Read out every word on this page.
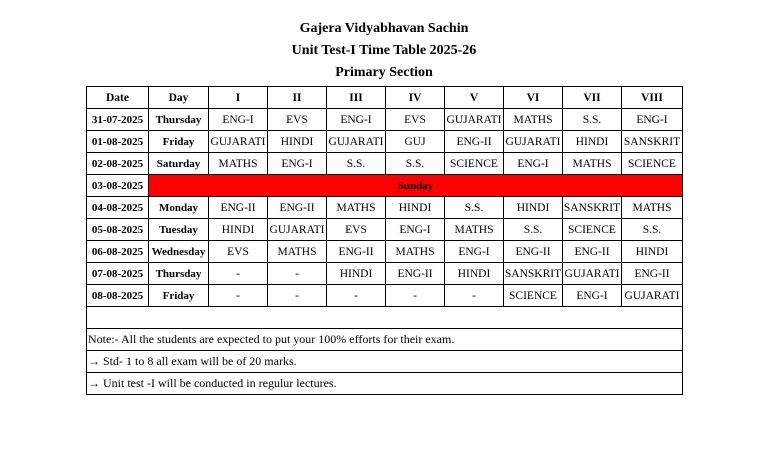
Gajera Vidyabhavan Sachin
Unit Test-I Time Table 2025-26
Primary Section
Date	Day	I	II	III	IV	V	VI	VII	VIII
31-07-2025	Thursday	ENG-I	EVS	ENG-I	EVS	GUJARATI	MATHS	S.S.	ENG-I
01-08-2025	Friday	GUJARATI	HINDI	GUJARATI	GUJ	ENG-II	GUJARATI	HINDI	SANSKRIT
02-08-2025	Saturday	MATHS	ENG-I	S.S.	S.S.	SCIENCE	ENG-I	MATHS	SCIENCE
03-08-2025	Sunday								
04-08-2025	Monday	ENG-II	ENG-II	MATHS	HINDI	S.S.	HINDI	SANSKRIT	MATHS
05-08-2025	Tuesday	HINDI	GUJARATI	EVS	ENG-I	MATHS	S.S.	SCIENCE	S.S.
06-08-2025	Wednesday	EVS	MATHS	ENG-II	MATHS	ENG-I	ENG-II	ENG-II	HINDI
07-08-2025	Thursday	-	-	HINDI	ENG-II	HINDI	SANSKRIT	GUJARATI	ENG-II
08-08-2025	Friday	-	-	-	-	-	SCIENCE	ENG-I	GUJARATI

Note:- All the students are expected to put your 100% efforts for their exam.									
→ Std- 1 to 8 all exam will be of 20 marks.									
→ Unit test -I will be conducted in regulur lectures.									
